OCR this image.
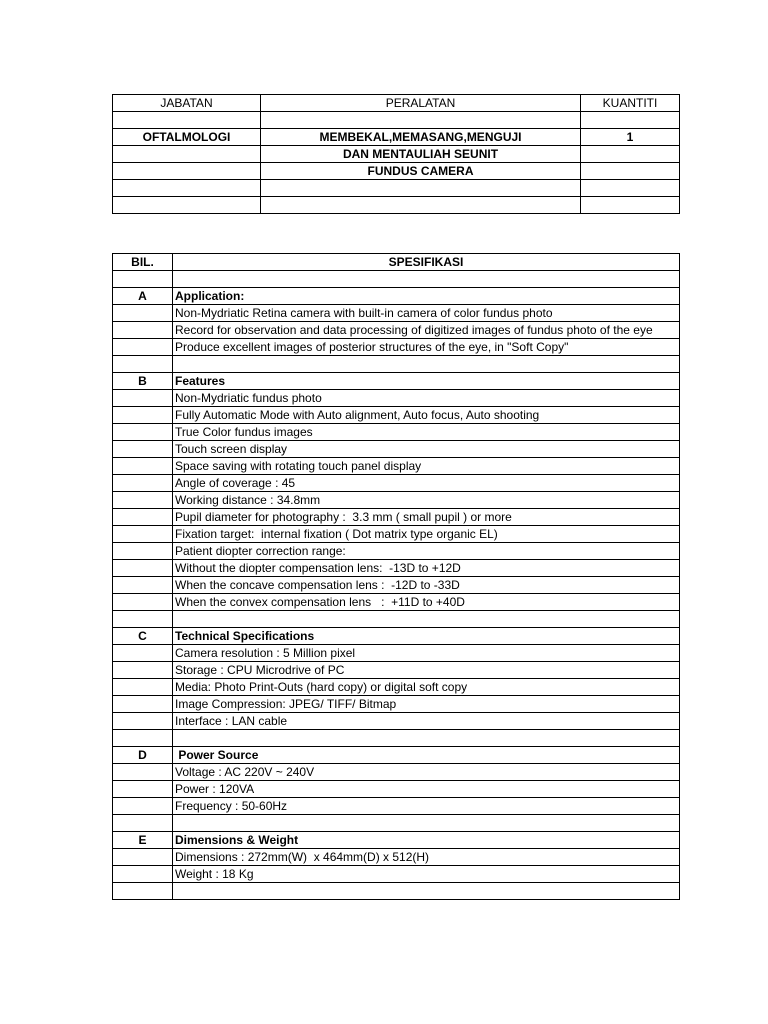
JABATAN	PERALATAN	KUANTITI

OFTALMOLOGI	MEMBEKAL,MEMASANG,MENGUJI	1
	DAN MENTAULIAH SEUNIT	
	FUNDUS CAMERA	

BIL.	SPESIFIKASI

A	Application:
	Non-Mydriatic Retina camera with built-in camera of color fundus photo
	Record for observation and data processing of digitized images of fundus photo of the eye
	Produce excellent images of posterior structures of the eye, in "Soft Copy"

B	Features
	Non-Mydriatic fundus photo
	Fully Automatic Mode with Auto alignment, Auto focus, Auto shooting
	True Color fundus images
	Touch screen display
	Space saving with rotating touch panel display
	Angle of coverage : 45
	Working distance : 34.8mm
	Pupil diameter for photography :  3.3 mm ( small pupil ) or more
	Fixation target:  internal fixation ( Dot matrix type organic EL)
	Patient diopter correction range:
	Without the diopter compensation lens:  -13D to +12D
	When the concave compensation lens :  -12D to -33D
	When the convex compensation lens   :  +11D to +40D

C	Technical Specifications
	Camera resolution : 5 Million pixel
	Storage : CPU Microdrive of PC
	Media: Photo Print-Outs (hard copy) or digital soft copy
	Image Compression: JPEG/ TIFF/ Bitmap
	Interface : LAN cable

D	Power Source
	Voltage : AC 220V ~ 240V
	Power : 120VA
	Frequency : 50-60Hz

E	Dimensions & Weight
	Dimensions : 272mm(W)  x 464mm(D) x 512(H)
	Weight : 18 Kg
